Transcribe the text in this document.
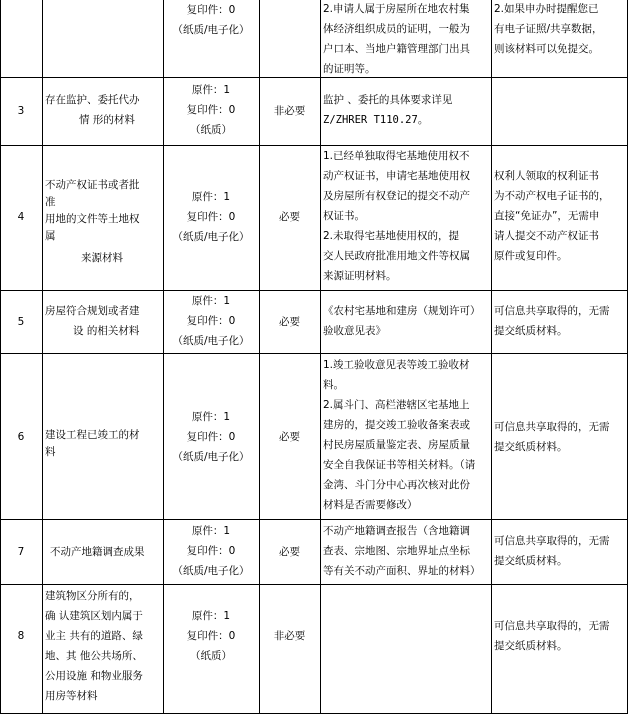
复印件：0
（纸质/电子化）
2.申请人属于房屋所在地农村集
体经济组织成员的证明，一般为
户口本、当地户籍管理部门出具
的证明等。
2.如果申办时提醒您已
有电子证照/共享数据，
则该材料可以免提交。
3
存在监护、委托代办
情 形的材料
原件：1
复印件：0
（纸质）
非必要
监护 、委托的具体要求详见
Z/ZHRER T110.27。
4
不动产权证书或者批
准
用地的文件等土地权
属
来源材料
原件：1
复印件：0
（纸质/电子化）
必要
1.已经单独取得宅基地使用权不
动产权证书，申请宅基地使用权
及房屋所有权登记的提交不动产
权证书。
2.未取得宅基地使用权的，提
交人民政府批准用地文件等权属
来源证明材料。
权利人领取的权利证书
为不动产权电子证书的，
直接“免证办”，无需申
请人提交不动产权证书
原件或复印件。
5
房屋符合规划或者建
设 的相关材料
原件：1
复印件：0
（纸质/电子化）
必要
《农村宅基地和建房（规划许可）
验收意见表》
可信息共享取得的，无需
提交纸质材料。
6	建设工程已竣工的材
料
原件：1
复印件：0
（纸质/电子化）
必要
1.竣工验收意见表等竣工验收材
料。
2.属斗门、高栏港辖区宅基地上
建房的，提交竣工验收备案表或
村民房屋质量鉴定表、房屋质量
安全自我保证书等相关材料。（请
金湾、斗门分中心再次核对此份
材料是否需要修改）
可信息共享取得的，无需
提交纸质材料。
7	不动产地籍调查成果
原件：1
复印件：0
（纸质/电子化）
必要
不动产地籍调查报告（含地籍调
查表、宗地图、宗地界址点坐标
等有关不动产面积、界址的材料）
可信息共享取得的，无需
提交纸质材料。
8
建筑物区分所有的，
确 认建筑区划内属于
业主 共有的道路、绿
地、其 他公共场所、
公用设施 和物业服务
用房等材料
原件：1
复印件：0
（纸质）
非必要
可信息共享取得的，无需
提交纸质材料。
